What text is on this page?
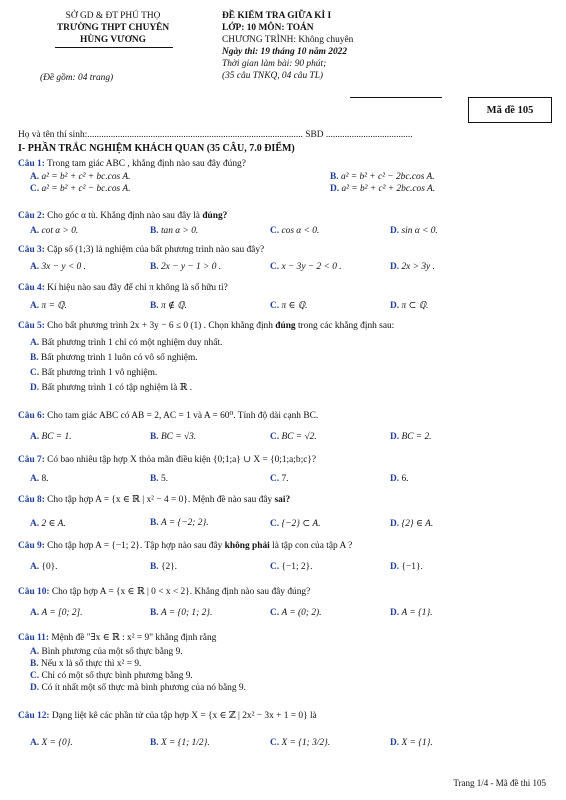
SỞ GD & ĐT PHÚ THỌ
TRƯỜNG THPT CHUYÊN
HÙNG VƯƠNG
(Đề gồm: 04 trang)
ĐỀ KIỂM TRA GIỮA KÌ I
LỚP: 10 MÔN: TOÁN
CHƯƠNG TRÌNH: Không chuyên
Ngày thi: 19 tháng 10 năm 2022
Thời gian làm bài: 90 phút;
(35 câu TNKQ, 04 câu TL)
Mã đề 105
Họ và tên thí sinh:............................................................................................ SBD .....................................
I- PHẦN TRẮC NGHIỆM KHÁCH QUAN (35 CÂU, 7.0 ĐIỂM)
Câu 1: Trong tam giác ABC , khẳng định nào sau đây đúng?
A. a² = b² + c² + bc.cos A.	B. a² = b² + c² − 2bc.cos A.
C. a² = b² + c² − bc.cos A.	D. a² = b² + c² + 2bc.cos A.
Câu 2: Cho góc α tù. Khẳng định nào sau đây là đúng?
A. cot α > 0.	B. tan α > 0.	C. cos α < 0.	D. sin α < 0.
Câu 3: Cặp số (1;3) là nghiệm của bất phương trình nào sau đây?
A. 3x − y < 0 .	B. 2x − y − 1 > 0 .	C. x − 3y − 2 < 0 .	D. 2x > 3y .
Câu 4: Kí hiệu nào sau đây để chỉ π không là số hữu tỉ?
A. π = ℚ.	B. π ∉ ℚ.	C. π ∈ ℚ.	D. π ⊂ ℚ.
Câu 5: Cho bất phương trình 2x + 3y − 6 ≤ 0 (1) . Chọn khẳng định đúng trong các khẳng định sau:
A. Bất phương trình 1 chỉ có một nghiệm duy nhất.
B. Bất phương trình 1 luôn có vô số nghiệm.
C. Bất phương trình 1 vô nghiệm.
D. Bất phương trình 1 có tập nghiệm là ℝ .
Câu 6: Cho tam giác ABC có AB = 2, AC = 1 và A = 60⁰. Tính độ dài cạnh BC.
A. BC = 1.	B. BC = √3.	C. BC = √2.	D. BC = 2.
Câu 7: Có bao nhiêu tập hợp X thỏa mãn điều kiện {0;1;a} ∪ X = {0;1;a;b;c}?
A. 8.	B. 5.	C. 7.	D. 6.
Câu 8: Cho tập hợp A = {x ∈ ℝ | x² − 4 = 0}. Mệnh đề nào sau đây sai?
A. 2 ∈ A.	B. A = {−2; 2}.	C. {−2} ⊂ A.	D. {2} ∈ A.
Câu 9: Cho tập hợp A = {−1; 2}. Tập hợp nào sau đây không phải là tập con của tập A ?
A. {0}.	B. {2}.	C. {−1; 2}.	D. {−1}.
Câu 10: Cho tập hợp A = {x ∈ ℝ | 0 < x < 2}. Khẳng định nào sau đây đúng?
A. A = [0; 2].	B. A = {0; 1; 2}.	C. A = (0; 2).	D. A = {1}.
Câu 11: Mệnh đề "∃x ∈ ℝ : x² = 9" khẳng định rằng
A. Bình phương của một số thực bằng 9.
B. Nếu x là số thực thì x² = 9.
C. Chỉ có một số thực bình phương bằng 9.
D. Có ít nhất một số thực mà bình phương của nó bằng 9.
Câu 12: Dạng liệt kê các phần tử của tập hợp X = {x ∈ ℤ | 2x² − 3x + 1 = 0} là
A. X = {0}.	B. X = {1; 1/2}.	C. X = {1; 3/2}.	D. X = {1}.
Trang 1/4 - Mã đề thi 105
